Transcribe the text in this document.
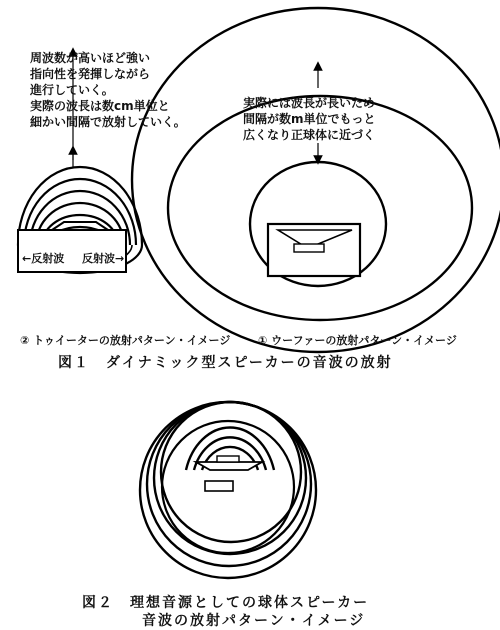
周波数が高いほど強い
指向性を発揮しながら
進行していく。
実際の波長は数cm単位と
細かい間隔で放射していく。
実際には波長が長いため
間隔が数m単位でもっと
広くなり正球体に近づく
←反射波 反射波→
② トゥイーターの放射パターン・イメージ	① ウーファーの放射パターン・イメージ
図１　ダイナミック型スピーカーの音波の放射
図２　理想音源としての球体スピーカー
音波の放射パターン・イメージ
